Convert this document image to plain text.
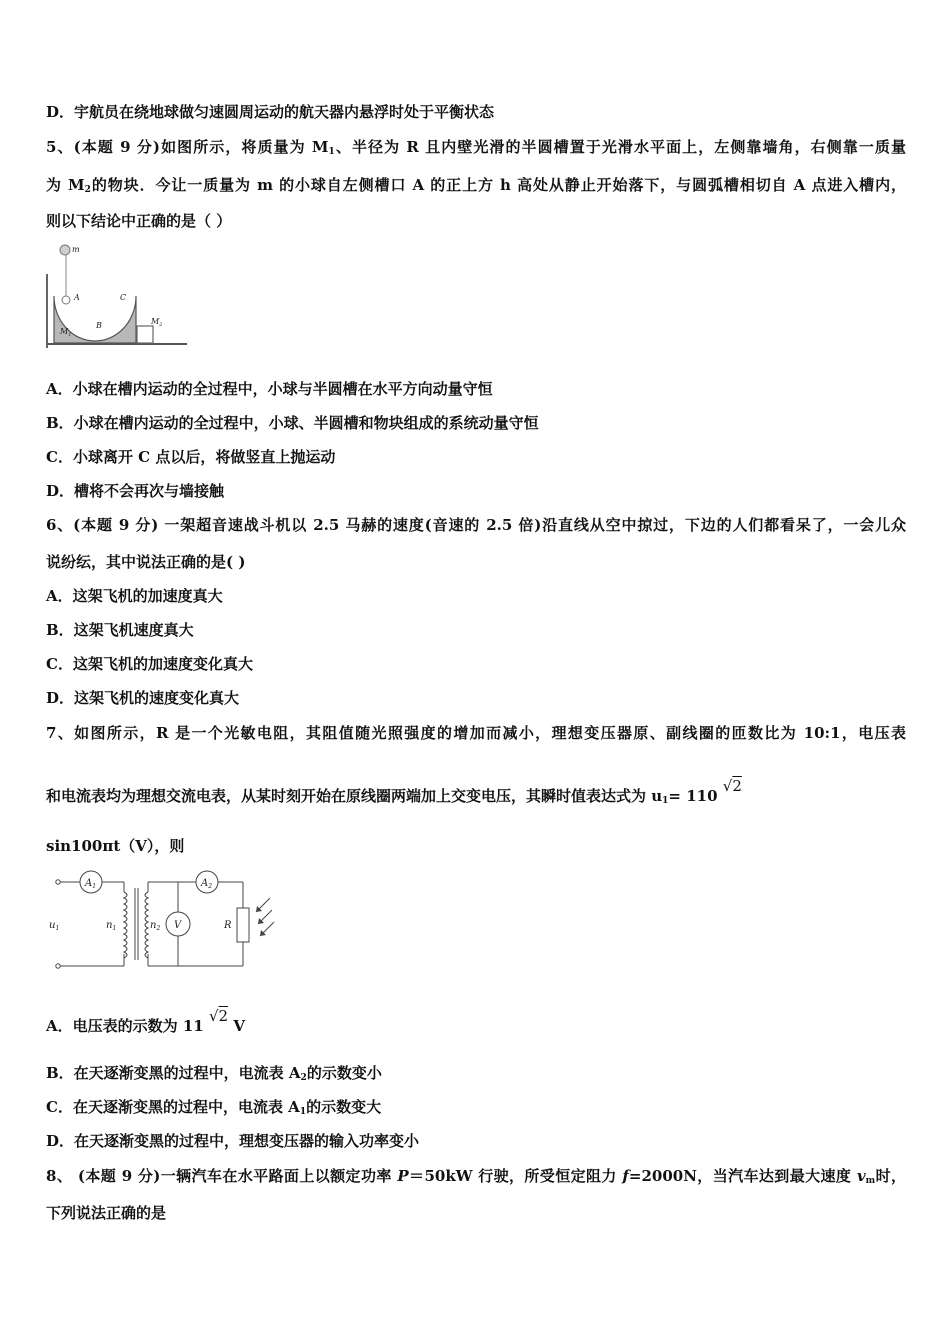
D．宇航员在绕地球做匀速圆周运动的航天器内悬浮时处于平衡状态
5、(本题 9 分)如图所示，将质量为 $M_1$、半径为 R 且内壁光滑的半圆槽置于光滑水平面上，左侧靠墙角，右侧靠一质量
为 $M_2$的物块．今让一质量为 m 的小球自左侧槽口 A 的正上方 h 高处从静止开始落下，与圆弧槽相切自 A 点进入槽内，
则以下结论中正确的是（ ）
m
A
B
C
$M_1$
$M_2$
A．小球在槽内运动的全过程中，小球与半圆槽在水平方向动量守恒
B．小球在槽内运动的全过程中，小球、半圆槽和物块组成的系统动量守恒
C．小球离开 C 点以后，将做竖直上抛运动
D．槽将不会再次与墙接触
6、(本题 9 分) 一架超音速战斗机以 2.5 马赫的速度(音速的 2.5 倍)沿直线从空中掠过，下边的人们都看呆了，一会儿众
说纷纭，其中说法正确的是( )
A．这架飞机的加速度真大
B．这架飞机速度真大
C．这架飞机的加速度变化真大
D．这架飞机的速度变化真大
7、如图所示，R 是一个光敏电阻，其阻值随光照强度的增加而减小，理想变压器原、副线圈的匝数比为 10:1，电压表
和电流表均为理想交流电表，从某时刻开始在原线圈两端加上交变电压，其瞬时值表达式为 $u_1= 110$ √2
sin100πt（V），则
$A_1$	$A_2$
V
$u_1$	$n_1$	$n_2$	R
A．电压表的示数为 11 √2 V
B．在天逐渐变黑的过程中，电流表 $A_2$的示数变小
C．在天逐渐变黑的过程中，电流表 $A_1$的示数变大
D．在天逐渐变黑的过程中，理想变压器的输入功率变小
8、 (本题 9 分)一辆汽车在水平路面上以额定功率 P＝50kW 行驶，所受恒定阻力 f=2000N，当汽车达到最大速度 $v_m$时，
下列说法正确的是
